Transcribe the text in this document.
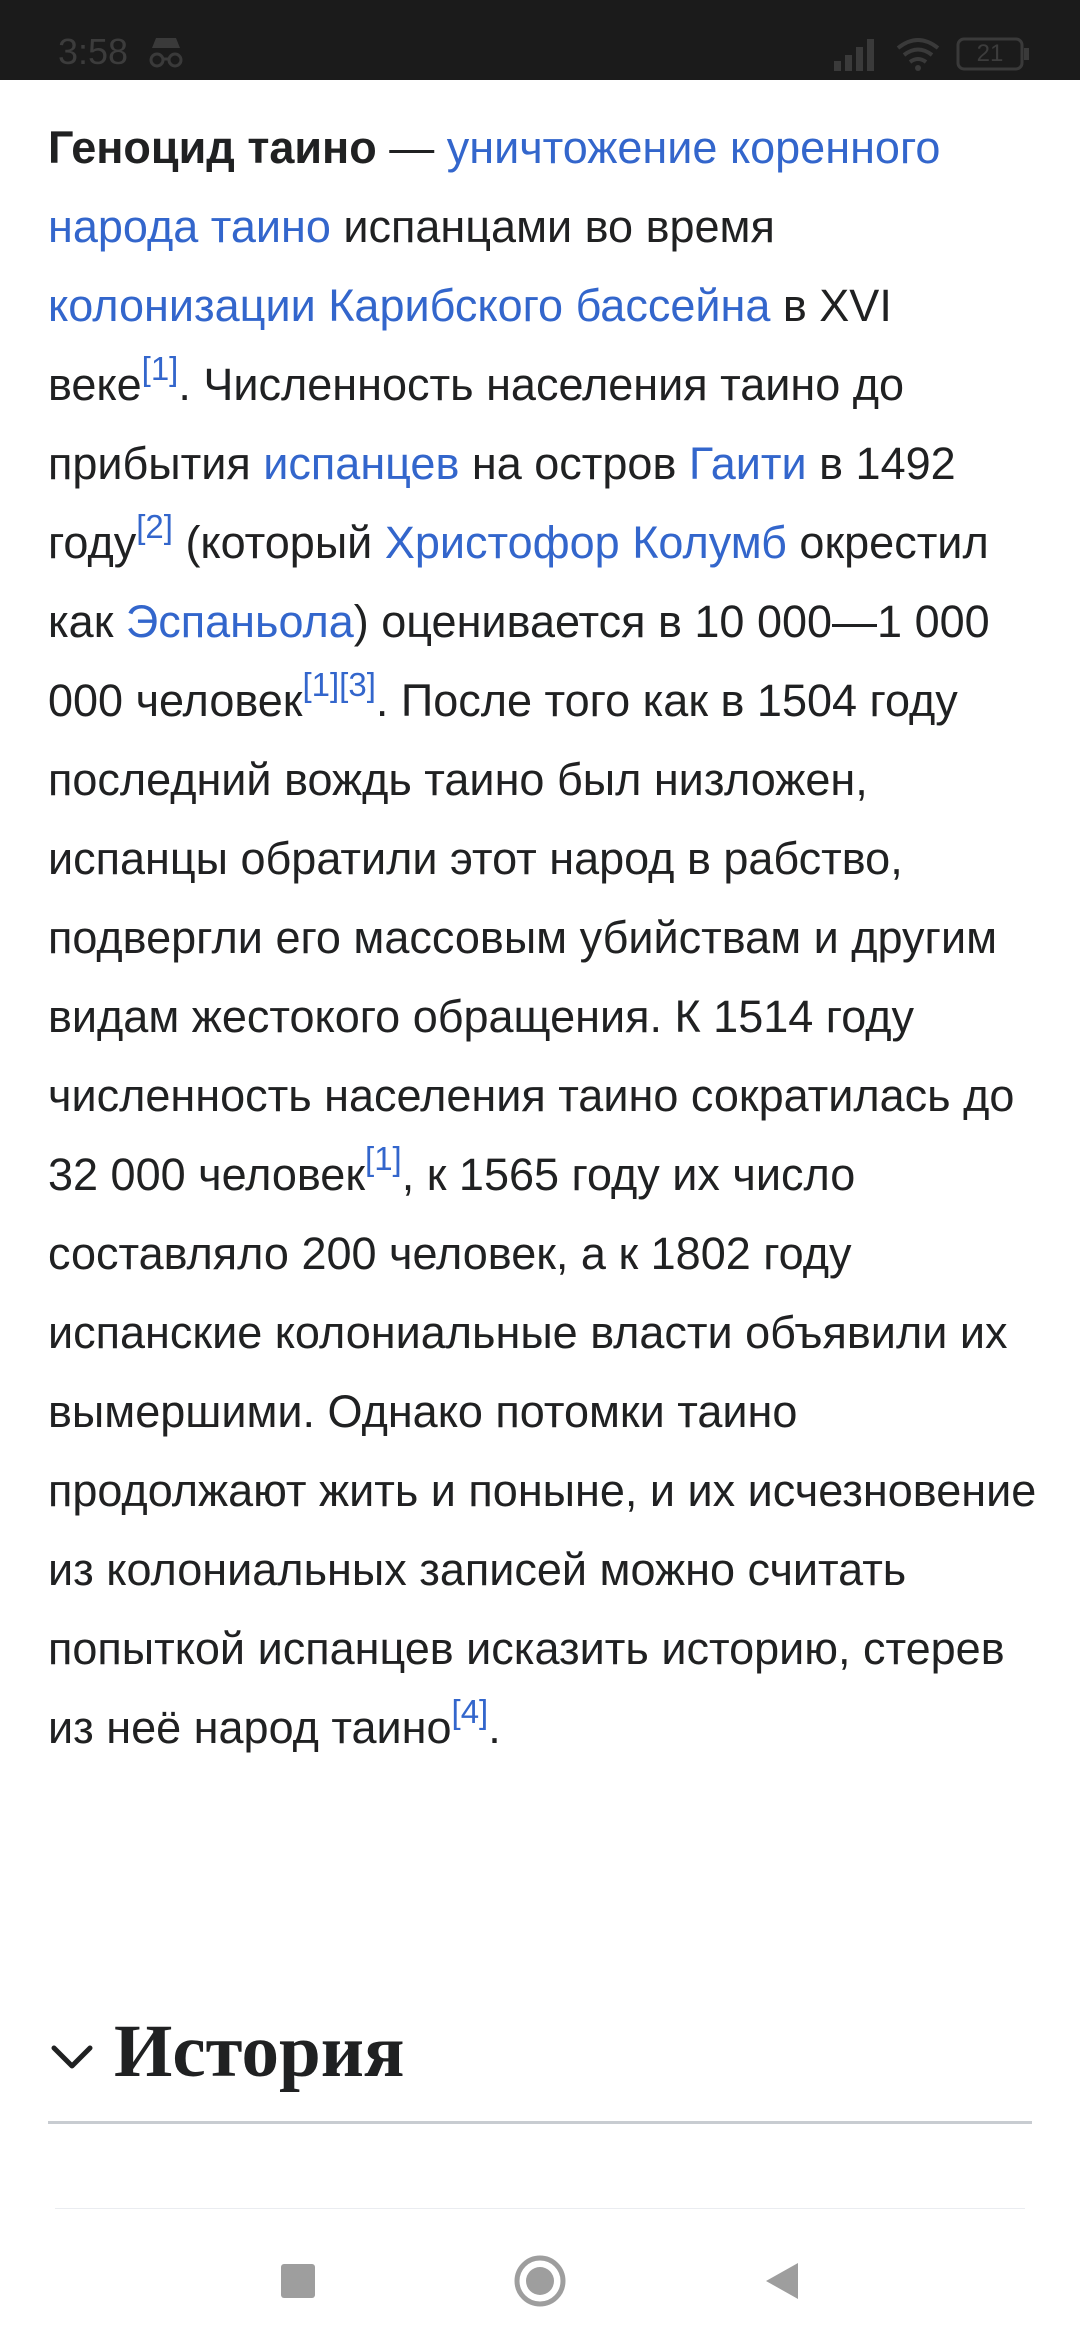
3:58	21

Геноцид таино — уничтожение коренного народа таино испанцами во время колонизации Карибского бассейна в XVI веке[1]. Численность населения таино до прибытия испанцев на остров Гаити в 1492 году[2] (который Христофор Колумб окрестил как Эспаньола) оценивается в 10 000—1 000 000 человек[1][3]. После того как в 1504 году последний вождь таино был низложен, испанцы обратили этот народ в рабство, подвергли его массовым убийствам и другим видам жестокого обращения. К 1514 году численность населения таино сократилась до 32 000 человек[1], к 1565 году их число составляло 200 человек, а к 1802 году испанские колониальные власти объявили их вымершими. Однако потомки таино продолжают жить и поныне, и их исчезновение из колониальных записей можно считать попыткой испанцев исказить историю, стерев из неё народ таино[4].

История
